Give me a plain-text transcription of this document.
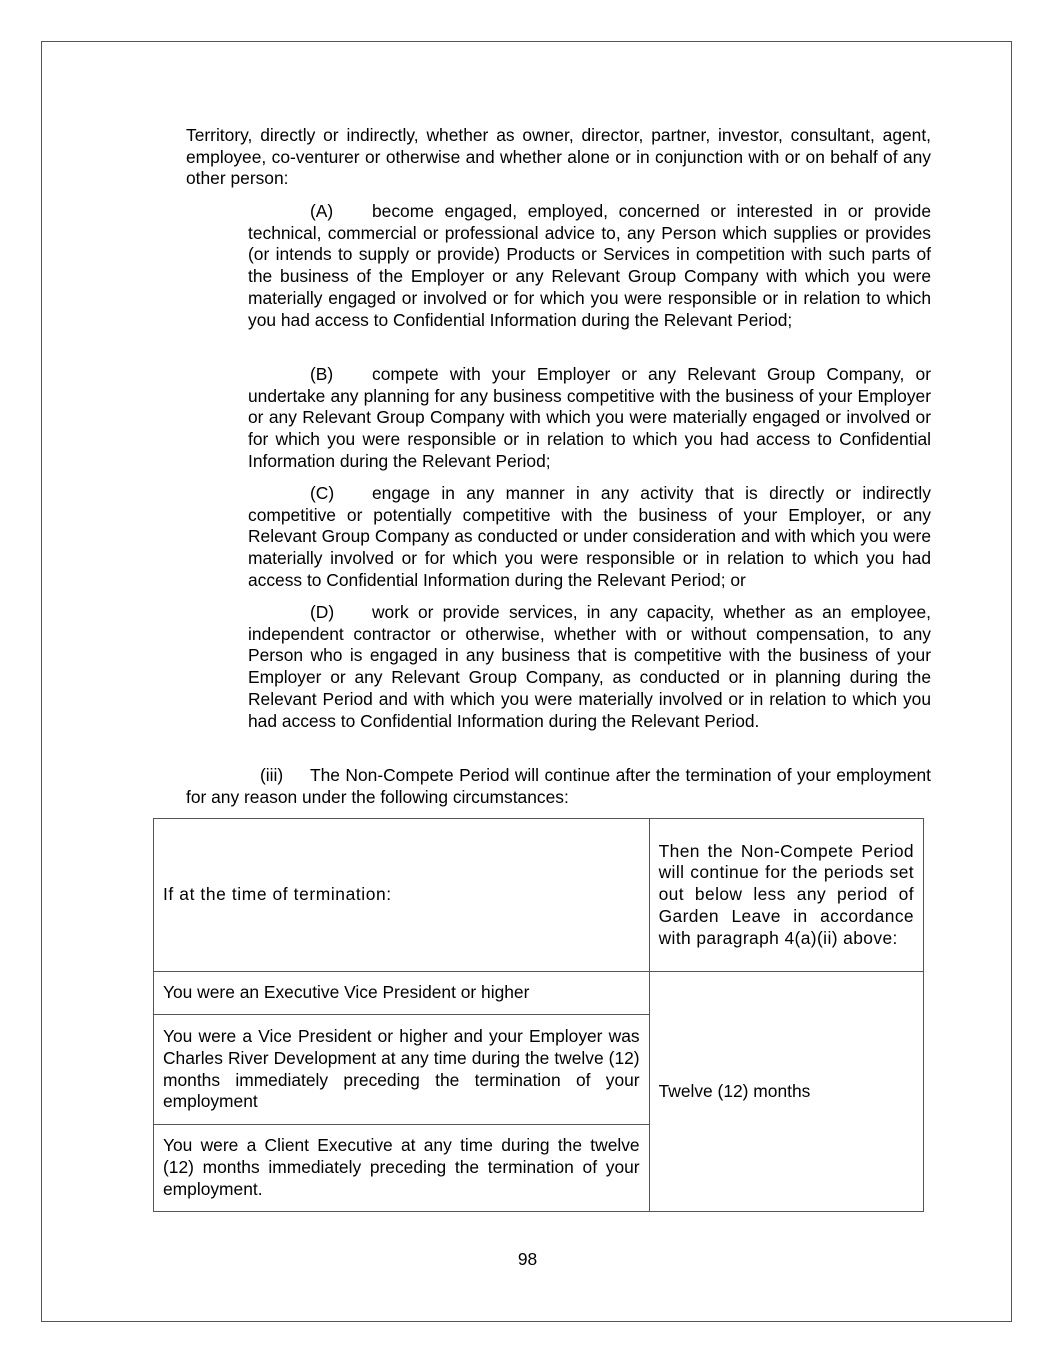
Territory, directly or indirectly, whether as owner, director, partner, investor, consultant, agent, employee, co-venturer or otherwise and whether alone or in conjunction with or on behalf of any other person:

(A) become engaged, employed, concerned or interested in or provide technical, commercial or professional advice to, any Person which supplies or provides (or intends to supply or provide) Products or Services in competition with such parts of the business of the Employer or any Relevant Group Company with which you were materially engaged or involved or for which you were responsible or in relation to which you had access to Confidential Information during the Relevant Period;

(B) compete with your Employer or any Relevant Group Company, or undertake any planning for any business competitive with the business of your Employer or any Relevant Group Company with which you were materially engaged or involved or for which you were responsible or in relation to which you had access to Confidential Information during the Relevant Period;

(C) engage in any manner in any activity that is directly or indirectly competitive or potentially competitive with the business of your Employer, or any Relevant Group Company as conducted or under consideration and with which you were materially involved or for which you were responsible or in relation to which you had access to Confidential Information during the Relevant Period; or

(D) work or provide services, in any capacity, whether as an employee, independent contractor or otherwise, whether with or without compensation, to any Person who is engaged in any business that is competitive with the business of your Employer or any Relevant Group Company, as conducted or in planning during the Relevant Period and with which you were materially involved or in relation to which you had access to Confidential Information during the Relevant Period.

(iii) The Non-Compete Period will continue after the termination of your employment for any reason under the following circumstances:

If at the time of termination:	Then the Non-Compete Period will continue for the periods set out below less any period of Garden Leave in accordance with paragraph 4(a)(ii) above:
You were an Executive Vice President or higher	Twelve (12) months
You were a Vice President or higher and your Employer was Charles River Development at any time during the twelve (12) months immediately preceding the termination of your employment	
You were a Client Executive at any time during the twelve (12) months immediately preceding the termination of your employment.	
98
